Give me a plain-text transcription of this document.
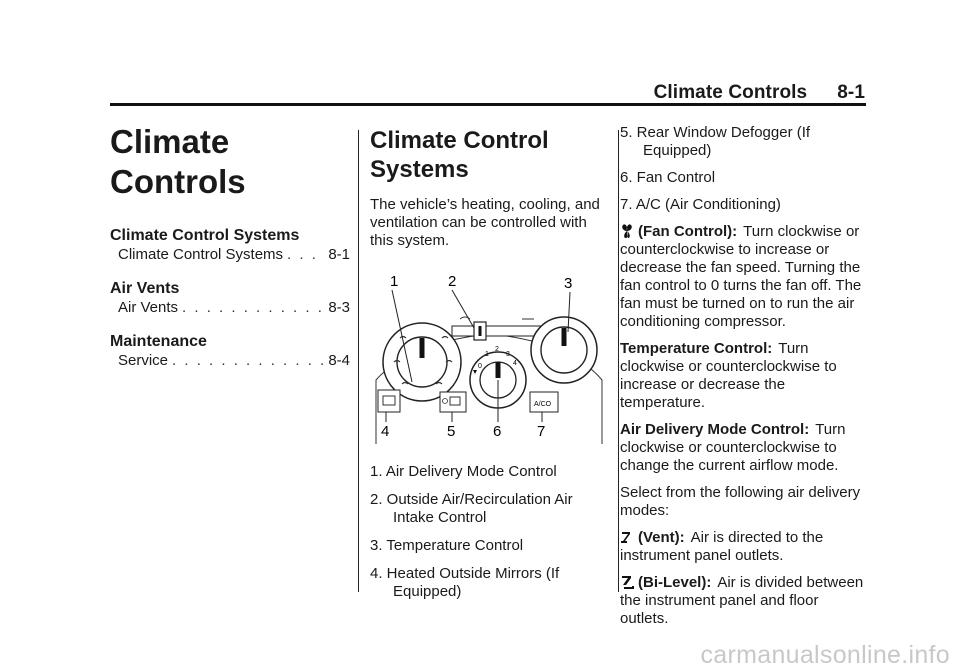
Climate Controls 8-1
Climate Controls
Climate Control Systems
Climate Control Systems . . .	8-1
Air Vents
Air Vents . . .	8-3
Maintenance
Service . . .	8-4
Climate Control Systems

The vehicle’s heating, cooling, and ventilation can be controlled with this system.

0
1
2
3
4
A/CO
1	2	3
4	5	6 7
1. Air Delivery Mode Control
2. Outside Air/Recirculation Air Intake Control
3. Temperature Control
4. Heated Outside Mirrors (If Equipped)
5. Rear Window Defogger (If Equipped)
6. Fan Control
7. A/C (Air Conditioning)

(Fan Control): Turn clockwise or counterclockwise to increase or decrease the fan speed. Turning the fan control to 0 turns the fan off. The fan must be turned on to run the air conditioning compressor.

Temperature Control: Turn clockwise or counterclockwise to increase or decrease the temperature.

Air Delivery Mode Control: Turn clockwise or counterclockwise to change the current airflow mode.

Select from the following air delivery modes:

(Vent): Air is directed to the instrument panel outlets.

(Bi-Level): Air is divided between the instrument panel and floor outlets.

carmanualsonline.info
